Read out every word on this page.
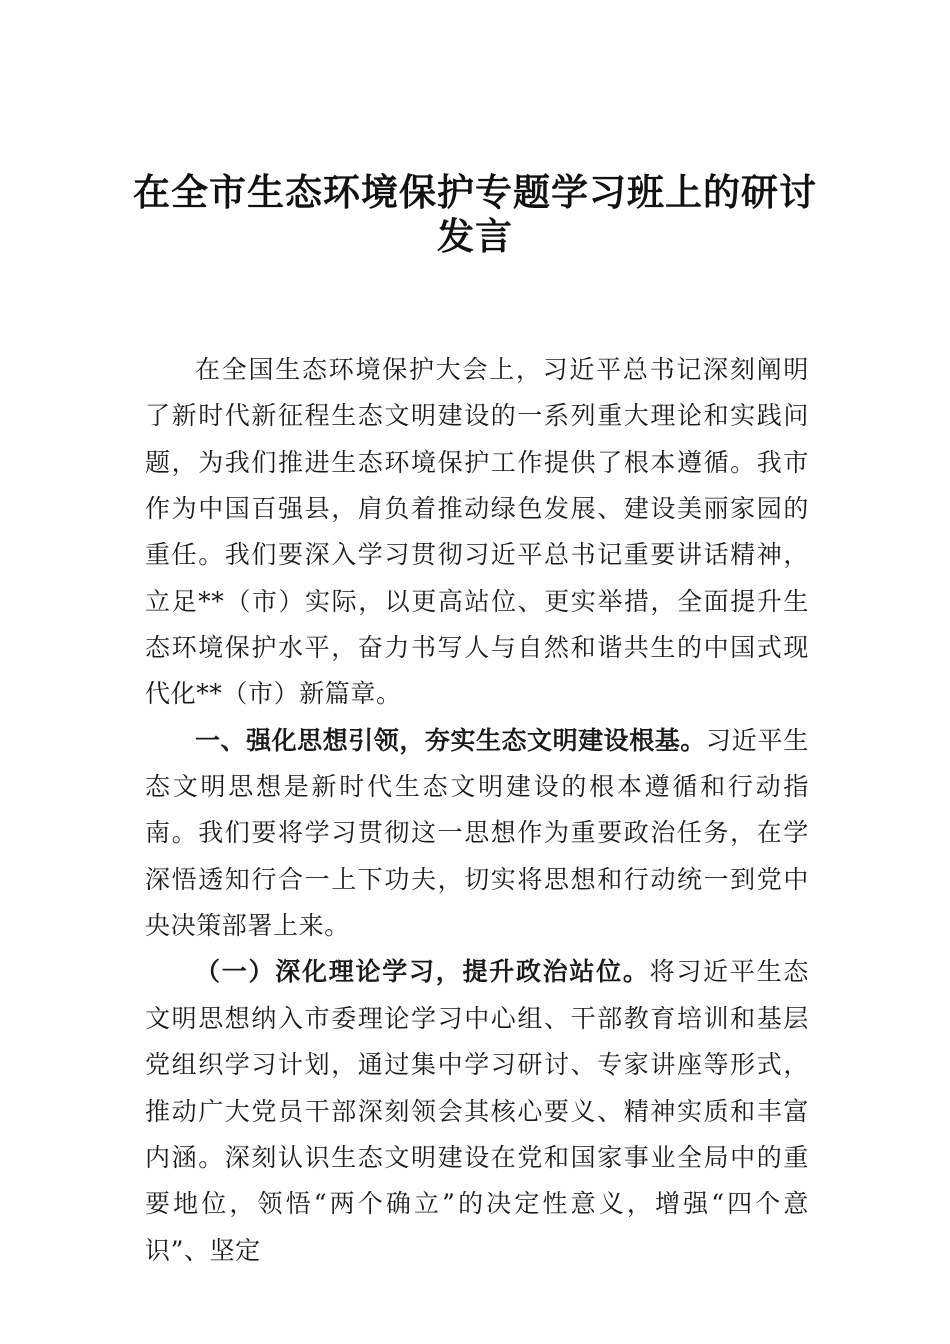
在全市生态环境保护专题学习班上的研讨
发言

在全国生态环境保护大会上，习近平总书记深刻阐明了新时代新征程生态文明建设的一系列重大理论和实践问题，为我们推进生态环境保护工作提供了根本遵循。我市作为中国百强县，肩负着推动绿色发展、建设美丽家园的重任。我们要深入学习贯彻习近平总书记重要讲话精神，立足**（市）实际，以更高站位、更实举措，全面提升生态环境保护水平，奋力书写人与自然和谐共生的中国式现代化**（市）新篇章。

一、强化思想引领，夯实生态文明建设根基。习近平生态文明思想是新时代生态文明建设的根本遵循和行动指南。我们要将学习贯彻这一思想作为重要政治任务，在学深悟透知行合一上下功夫，切实将思想和行动统一到党中央决策部署上来。

（一）深化理论学习，提升政治站位。将习近平生态文明思想纳入市委理论学习中心组、干部教育培训和基层党组织学习计划，通过集中学习研讨、专家讲座等形式，推动广大党员干部深刻领会其核心要义、精神实质和丰富内涵。深刻认识生态文明建设在党和国家事业全局中的重要地位，领悟“两个确立”的决定性意义，增强“四个意识”、坚定
